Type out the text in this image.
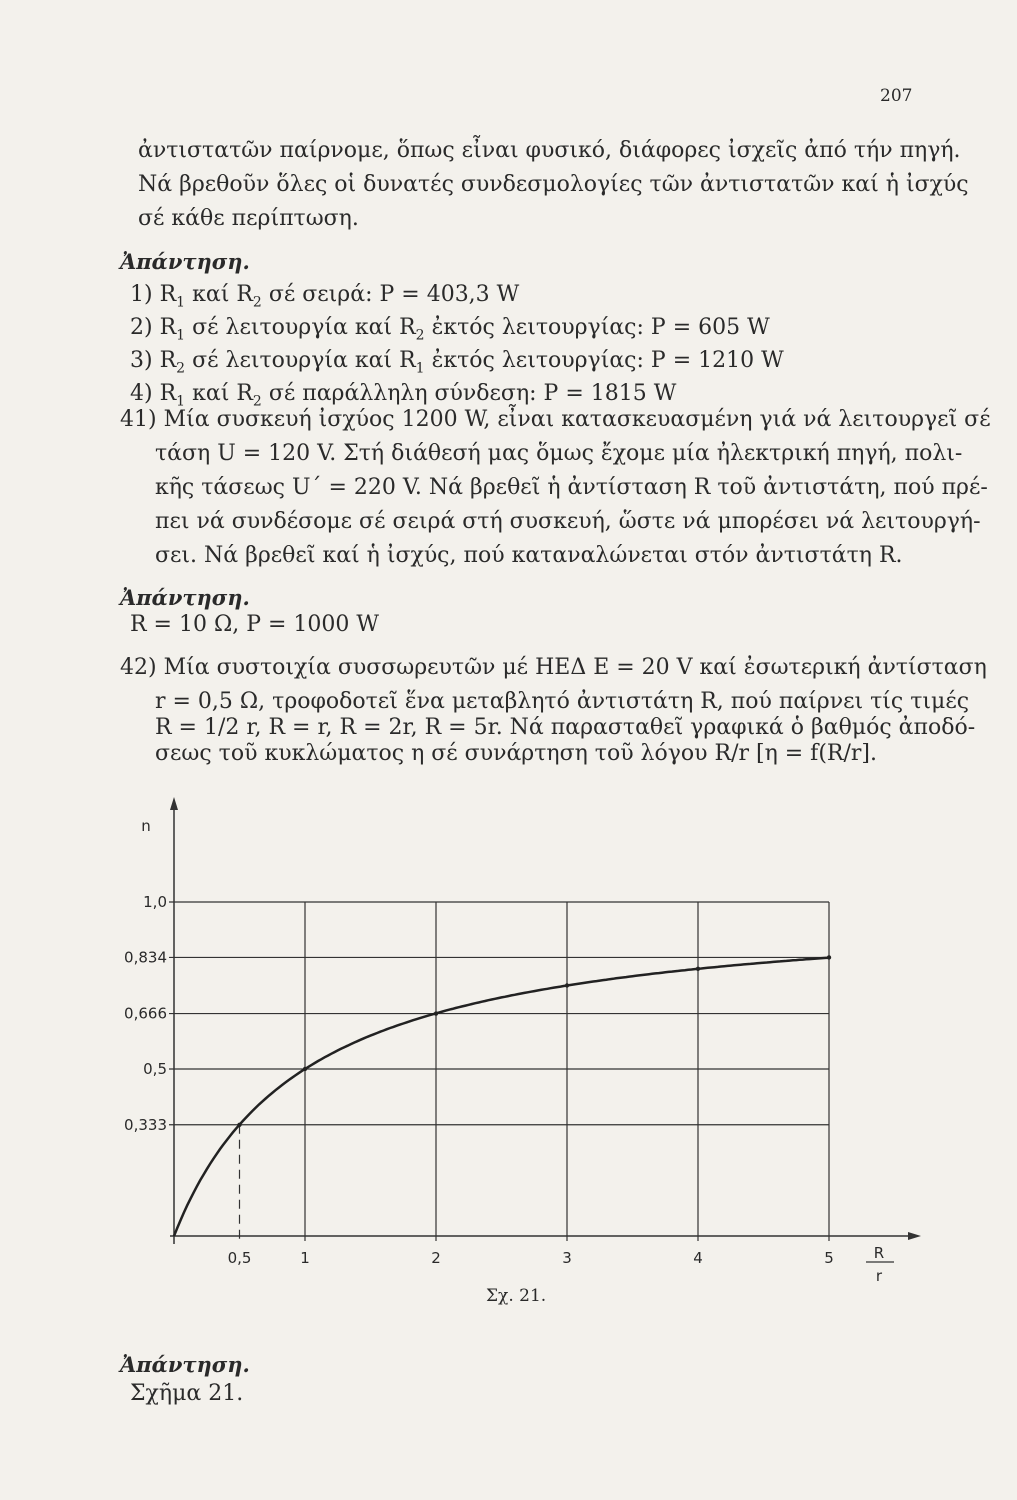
207
ἀντιστατῶν παίρνομε, ὅπως εἶναι φυσικό, διάφορες ἰσχεῖς ἀπό τήν πηγή.
Νά βρεθοῦν ὅλες οἱ δυνατές συνδεσμολογίες τῶν ἀντιστατῶν καί ἡ ἰσχύς
σέ κάθε περίπτωση.
Ἀπάντηση.
1) $R_1$ καί $R_2$ σέ σειρά: P = 403,3 W
2) $R_1$ σέ λειτουργία καί $R_2$ ἐκτός λειτουργίας: P = 605 W
3) $R_2$ σέ λειτουργία καί $R_1$ ἐκτός λειτουργίας: P = 1210 W
4) $R_1$ καί $R_2$ σέ παράλληλη σύνδεση: P = 1815 W
41) Μία συσκευή ἰσχύος 1200 W, εἶναι κατασκευασμένη γιά νά λειτουργεῖ σέ
τάση U = 120 V. Στή διάθεσή μας ὅμως ἔχομε μία ἠλεκτρική πηγή, πολι-
κῆς τάσεως U΄ = 220 V. Νά βρεθεῖ ἡ ἀντίσταση R τοῦ ἀντιστάτη, πού πρέ-
πει νά συνδέσομε σέ σειρά στή συσκευή, ὥστε νά μπορέσει νά λειτουργή-
σει. Νά βρεθεῖ καί ἡ ἰσχύς, πού καταναλώνεται στόν ἀντιστάτη R.
Ἀπάντηση.
R = 10 Ω, P = 1000 W
42) Μία συστοιχία συσσωρευτῶν μέ ΗΕΔ E = 20 V καί ἐσωτερική ἀντίσταση
r = 0,5 Ω, τροφοδοτεῖ ἕνα μεταβλητό ἀντιστάτη R, πού παίρνει τίς τιμές
R = 1/2 r, R = r, R = 2r, R = 5r. Νά παρασταθεῖ γραφικά ὁ βαθμός ἀποδό-
σεως τοῦ κυκλώματος η σέ συνάρτηση τοῦ λόγου R/r [η = f(R/r].
0,333
0,5
0,666
0,834
1,0
0,5	1	2	3	4	5
n
R
r
Σχ. 21.
Ἀπάντηση.
Σχῆμα 21.
